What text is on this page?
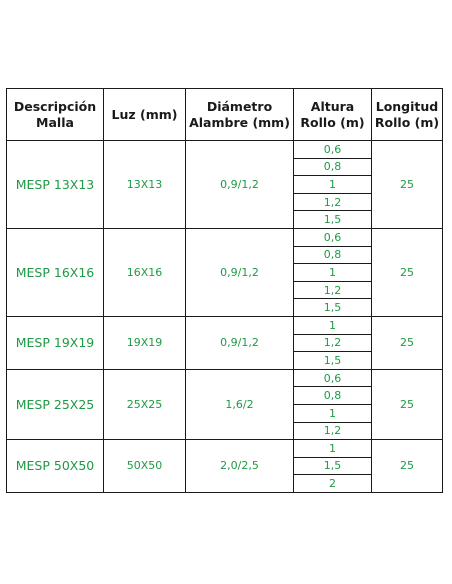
Descripción Malla	Luz (mm)	Diámetro Alambre (mm)	Altura Rollo (m)	Longitud Rollo (m)
MESP 13X13	13X13	0,9/1,2	0,6	25
			0,8	
			1	
			1,2	
			1,5	
MESP 16X16	16X16	0,9/1,2	0,6	25
			0,8	
			1	
			1,2	
			1,5	
MESP 19X19	19X19	0,9/1,2	1	25
			1,2	
			1,5	
MESP 25X25	25X25	1,6/2	0,6	25
			0,8	
			1	
			1,2	
MESP 50X50	50X50	2,0/2,5	1	25
			1,5	
			2	
